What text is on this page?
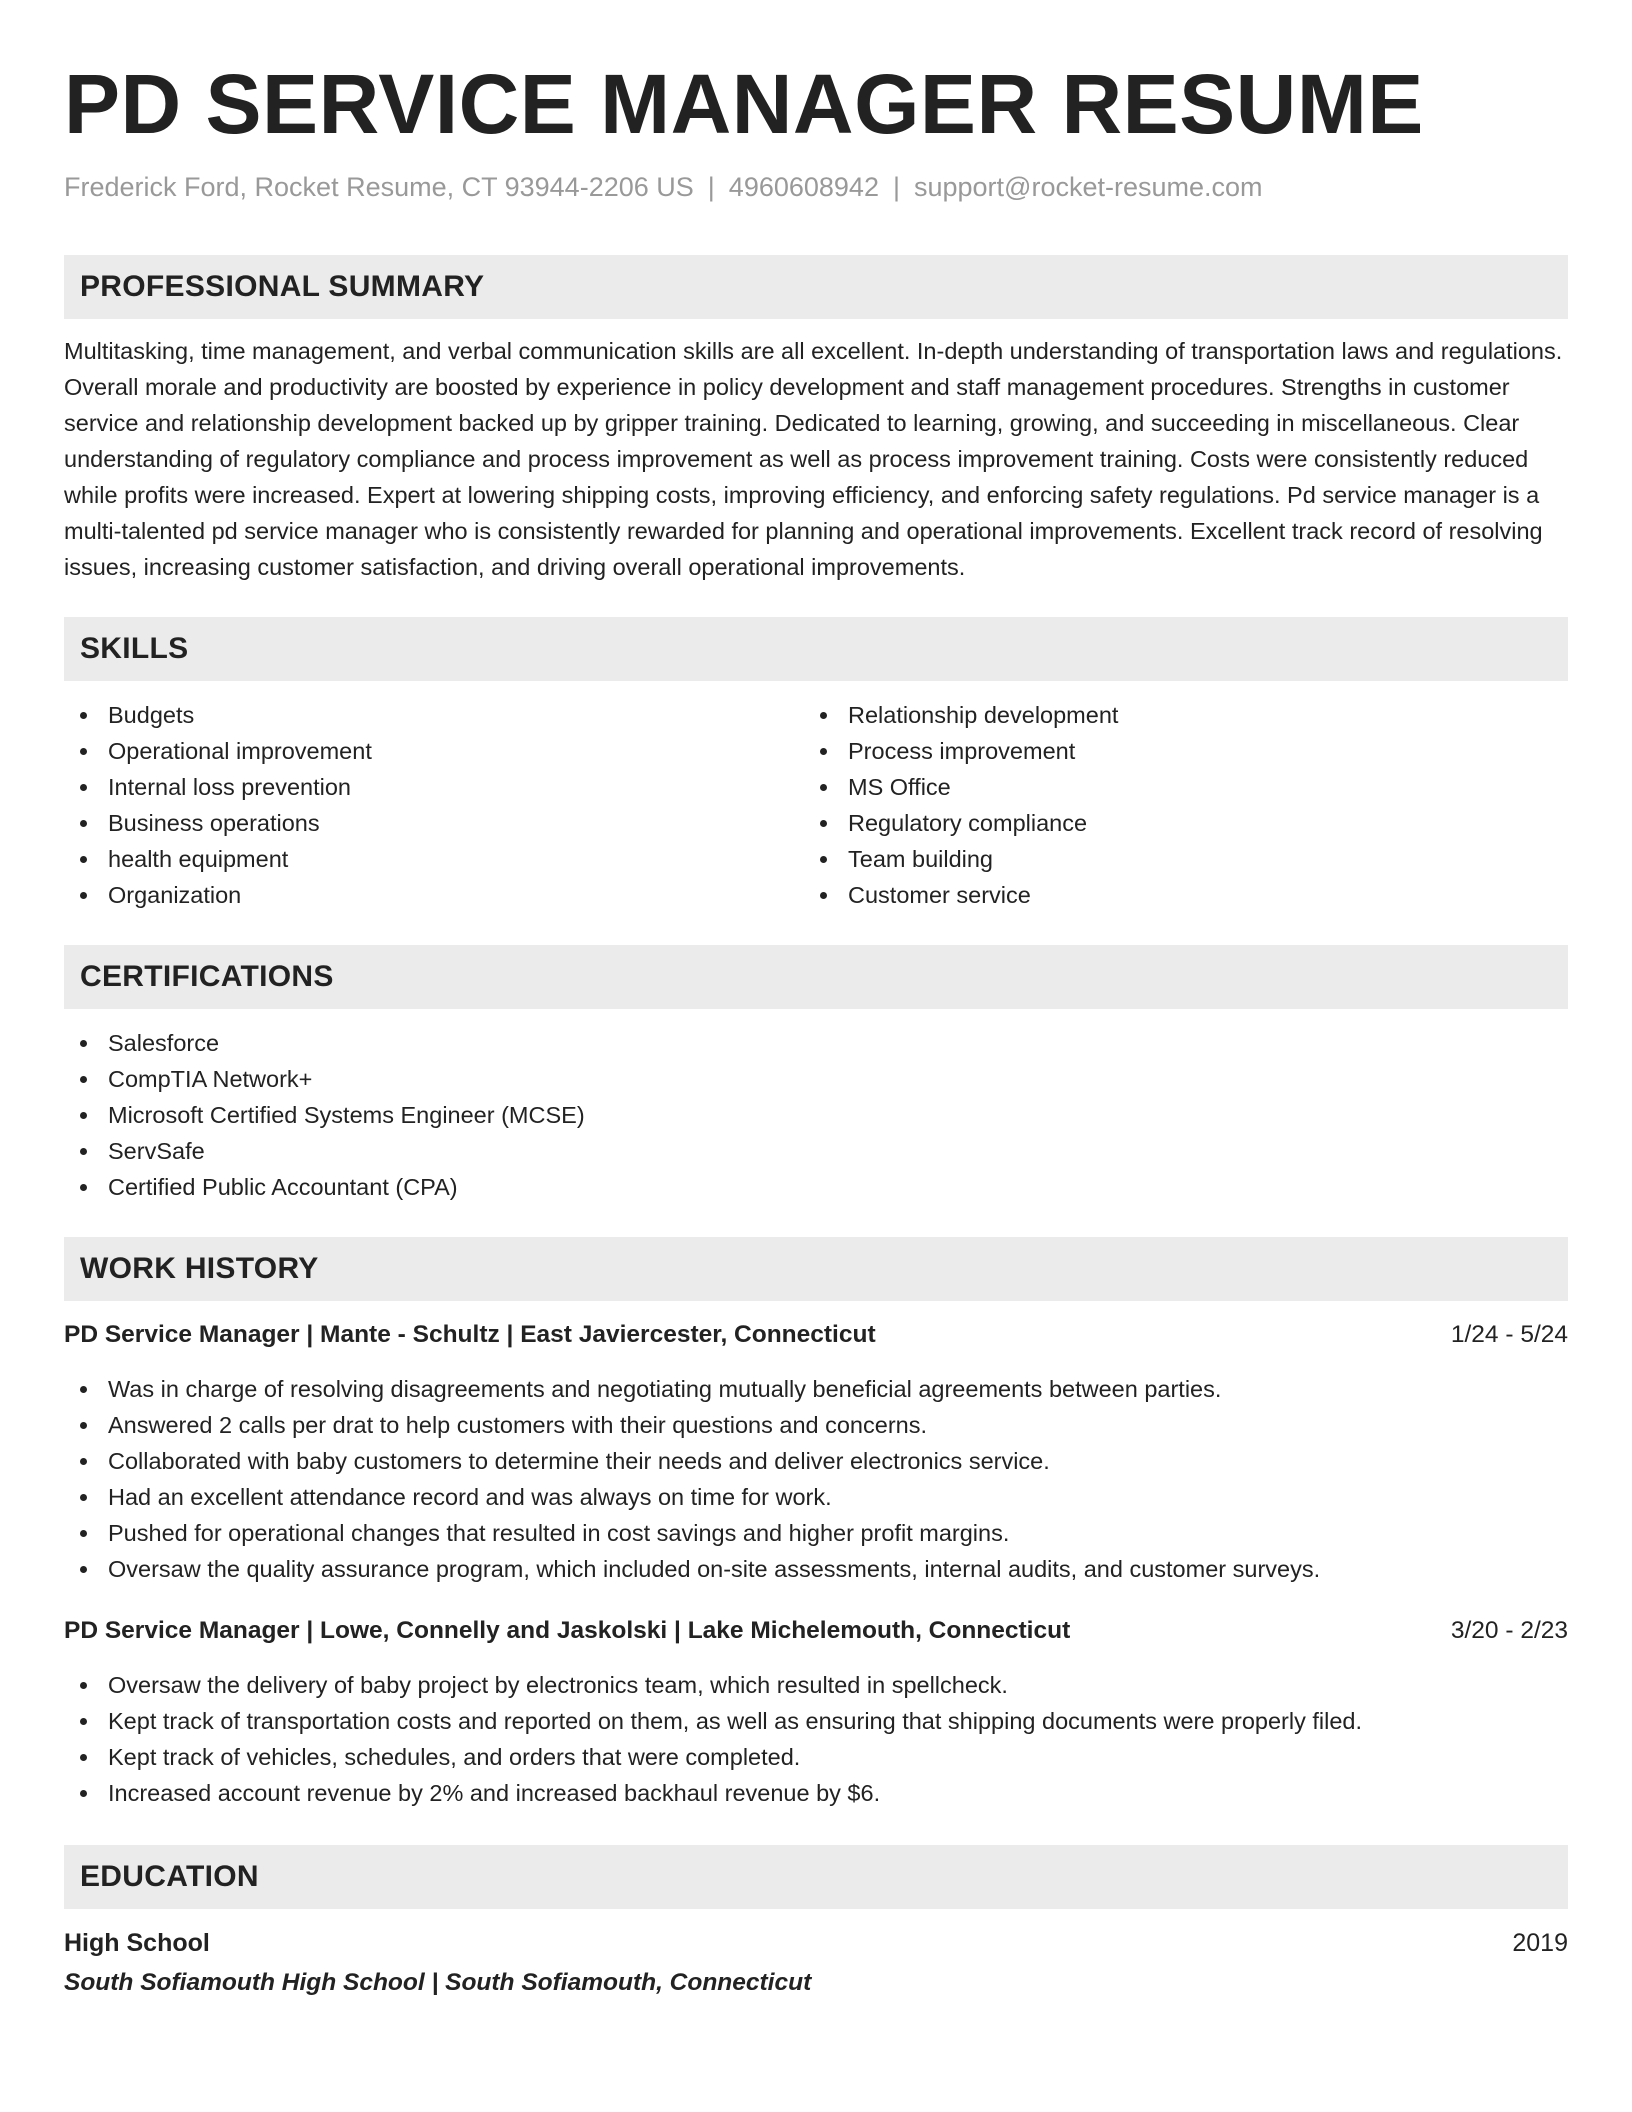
PD SERVICE MANAGER RESUME
Frederick Ford, Rocket Resume, CT 93944-2206 US | 4960608942 | support@rocket-resume.com
PROFESSIONAL SUMMARY

Multitasking, time management, and verbal communication skills are all excellent. In-depth understanding of transportation laws and regulations. Overall morale and productivity are boosted by experience in policy development and staff management procedures. Strengths in customer service and relationship development backed up by gripper training. Dedicated to learning, growing, and succeeding in miscellaneous. Clear understanding of regulatory compliance and process improvement as well as process improvement training. Costs were consistently reduced while profits were increased. Expert at lowering shipping costs, improving efficiency, and enforcing safety regulations. Pd service manager is a multi-talented pd service manager who is consistently rewarded for planning and operational improvements. Excellent track record of resolving issues, increasing customer satisfaction, and driving overall operational improvements.

SKILLS
Budgets
Operational improvement
Internal loss prevention
Business operations
health equipment
Organization
Relationship development
Process improvement
MS Office
Regulatory compliance
Team building
Customer service
CERTIFICATIONS
Salesforce
CompTIA Network+
Microsoft Certified Systems Engineer (MCSE)
ServSafe
Certified Public Accountant (CPA)
WORK HISTORY
PD Service Manager | Mante - Schultz | East Javiercester, Connecticut	1/24 - 5/24
Was in charge of resolving disagreements and negotiating mutually beneficial agreements between parties.
Answered 2 calls per drat to help customers with their questions and concerns.
Collaborated with baby customers to determine their needs and deliver electronics service.
Had an excellent attendance record and was always on time for work.
Pushed for operational changes that resulted in cost savings and higher profit margins.
Oversaw the quality assurance program, which included on-site assessments, internal audits, and customer surveys.
PD Service Manager | Lowe, Connelly and Jaskolski | Lake Michelemouth, Connecticut	3/20 - 2/23
Oversaw the delivery of baby project by electronics team, which resulted in spellcheck.
Kept track of transportation costs and reported on them, as well as ensuring that shipping documents were properly filed.
Kept track of vehicles, schedules, and orders that were completed.
Increased account revenue by 2% and increased backhaul revenue by $6.
EDUCATION
High School	2019
South Sofiamouth High School | South Sofiamouth, Connecticut
